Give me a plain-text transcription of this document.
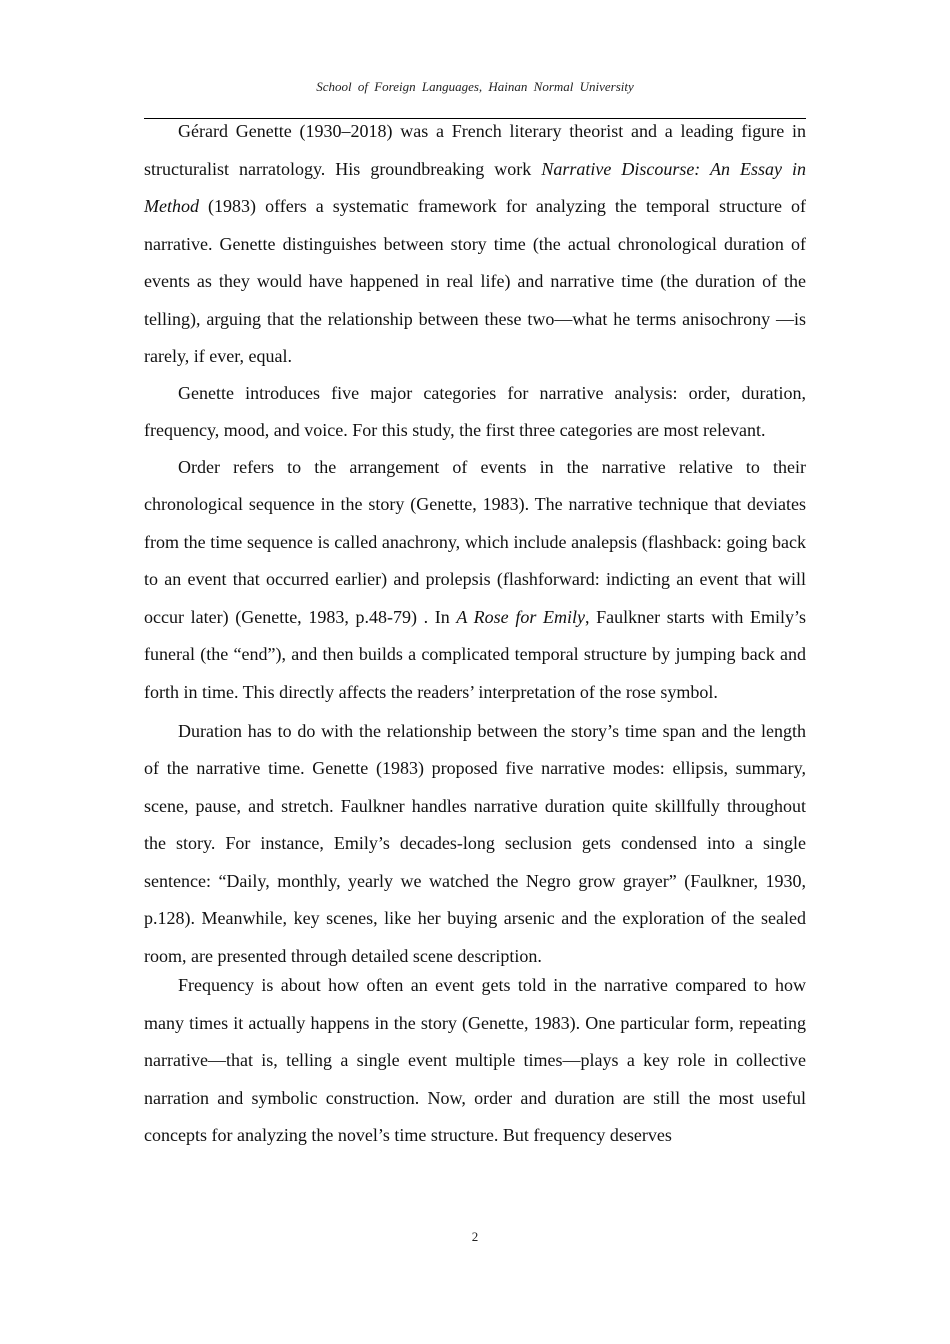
School of Foreign Languages, Hainan Normal University

Gérard Genette (1930–2018) was a French literary theorist and a leading figure in structuralist narratology. His groundbreaking work Narrative Discourse: An Essay in Method (1983) offers a systematic framework for analyzing the temporal structure of narrative. Genette distinguishes between story time (the actual chronological duration of events as they would have happened in real life) and narrative time (the duration of the telling), arguing that the relationship between these two—what he terms anisochrony —is rarely, if ever, equal.

Genette introduces five major categories for narrative analysis: order, duration, frequency, mood, and voice. For this study, the first three categories are most relevant.

Order refers to the arrangement of events in the narrative relative to their chronological sequence in the story (Genette, 1983). The narrative technique that deviates from the time sequence is called anachrony, which include analepsis (flashback: going back to an event that occurred earlier) and prolepsis (flashforward: indicting an event that will occur later) (Genette, 1983, p.48-79) . In A Rose for Emily, Faulkner starts with Emily’s funeral (the “end”), and then builds a complicated temporal structure by jumping back and forth in time. This directly affects the readers’ interpretation of the rose symbol.

Duration has to do with the relationship between the story’s time span and the length of the narrative time. Genette (1983) proposed five narrative modes: ellipsis, summary, scene, pause, and stretch. Faulkner handles narrative duration quite skillfully throughout the story. For instance, Emily’s decades-long seclusion gets condensed into a single sentence: “Daily, monthly, yearly we watched the Negro grow grayer” (Faulkner, 1930, p.128). Meanwhile, key scenes, like her buying arsenic and the exploration of the sealed room, are presented through detailed scene description.

Frequency is about how often an event gets told in the narrative compared to how many times it actually happens in the story (Genette, 1983). One particular form, repeating narrative—that is, telling a single event multiple times—plays a key role in collective narration and symbolic construction. Now, order and duration are still the most useful concepts for analyzing the novel’s time structure. But frequency deserves

2
